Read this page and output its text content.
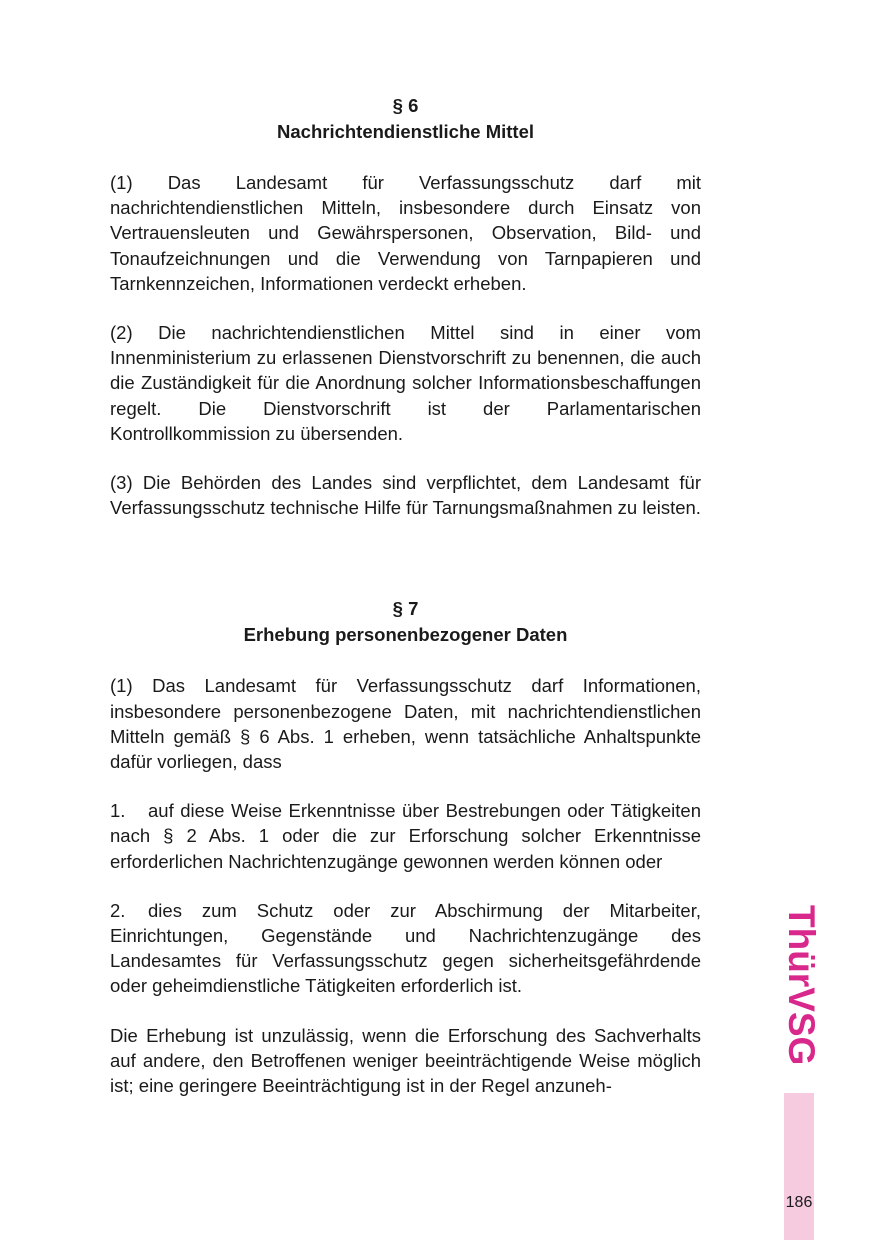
§ 6

Nachrichtendienstliche Mittel

(1) Das Landesamt für Verfassungsschutz darf mit nachrichtendienstlichen Mitteln, insbesondere durch Einsatz von Vertrauensleuten und Gewährspersonen, Observation, Bild- und Tonaufzeichnungen und die Verwendung von Tarnpapieren und Tarnkennzeichen, Informationen verdeckt erheben.

(2) Die nachrichtendienstlichen Mittel sind in einer vom Innenministerium zu erlassenen Dienstvorschrift zu benennen, die auch die Zuständigkeit für die Anordnung solcher Informationsbeschaffungen regelt. Die Dienstvorschrift ist der Parlamentarischen Kontrollkommission zu übersenden.

(3) Die Behörden des Landes sind verpflichtet, dem Landesamt für Verfassungsschutz technische Hilfe für Tarnungsmaßnahmen zu leisten.

§ 7

Erhebung personenbezogener Daten

(1) Das Landesamt für Verfassungsschutz darf Informationen, insbesondere personenbezogene Daten, mit nachrichtendienstlichen Mitteln gemäß § 6 Abs. 1 erheben, wenn tatsächliche Anhaltspunkte dafür vorliegen, dass

1. auf diese Weise Erkenntnisse über Bestrebungen oder Tätigkeiten nach § 2 Abs. 1 oder die zur Erforschung solcher Erkenntnisse erforderlichen Nachrichtenzugänge gewonnen werden können oder

2. dies zum Schutz oder zur Abschirmung der Mitarbeiter, Einrichtungen, Gegenstände und Nachrichtenzugänge des Landesamtes für Verfassungsschutz gegen sicherheitsgefährdende oder geheimdienstliche Tätigkeiten erforderlich ist.

Die Erhebung ist unzulässig, wenn die Erforschung des Sachverhalts auf andere, den Betroffenen weniger beeinträchtigende Weise möglich ist; eine geringere Beeinträchtigung ist in der Regel anzuneh-

ThürVSG
186
